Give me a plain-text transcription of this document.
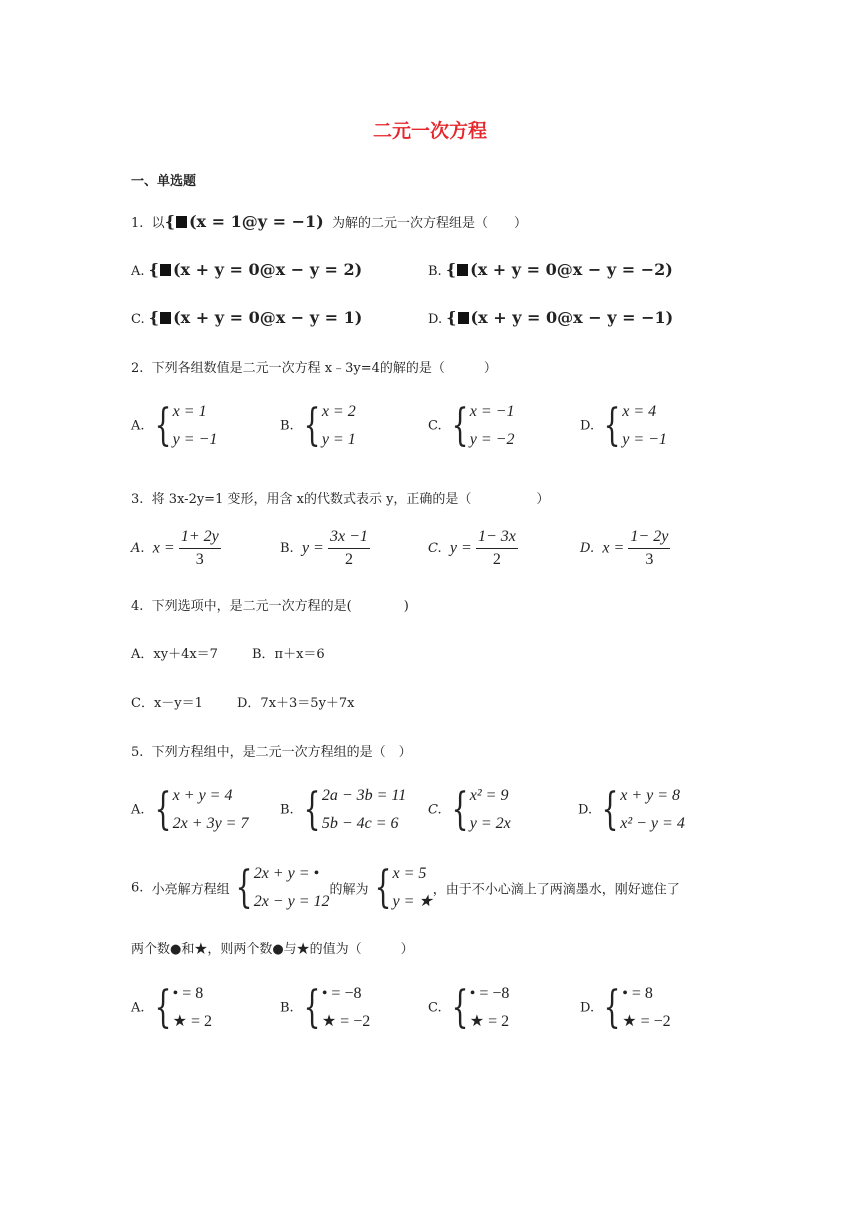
二元一次方程
一、单选题
1. 以{ (x = 1@y = −1) 为解的二元一次方程组是（　　）
A. { (x + y = 0@x − y = 2)	B. { (x + y = 0@x − y = −2)
C. { (x + y = 0@x − y = 1)	D. { (x + y = 0@x − y = −1)
2. 下列各组数值是二元一次方程 x﹣3y=4的解的是（　　　）
A. { x = 1
y = −1
B. { x = 2
y = 1
C. { x = −1
y = −2
D. { x = 4
y = −1
3. 将 3x-2y=1 变形，用含 x的代数式表示 y，正确的是（　　　　　）
A. $x = \frac{1+ 2y}{3}$	B. $y = \frac{3x -1}{2}$	C. $y = \frac{1- 3x}{2}$	D. $x = \frac{1- 2y}{3}$
4. 下列选项中，是二元一次方程的是(　　　　)
A．xy＋4x＝7	B．π＋x＝6
C．x－y＝1	D．7x＋3＝5y＋7x
5. 下列方程组中，是二元一次方程组的是（　）
A. { x + y = 4
2x + 3y = 7
B. { 2a − 3b = 11
5b − 4c = 6
C. { x² = 9
y = 2x
D. { x + y = 8
x² − y = 4
6. 小亮解方程组 { 2x + y = •
2x − y = 12
的解为 { x = 5
y = ★
，由于不小心滴上了两滴墨水，刚好遮住了
两个数●和★，则两个数●与★的值为（　　　）
A. { • = 8
★ = 2
B. { • = −8
★ = −2
C. { • = −8
★ = 2
D. { • = 8
★ = −2
